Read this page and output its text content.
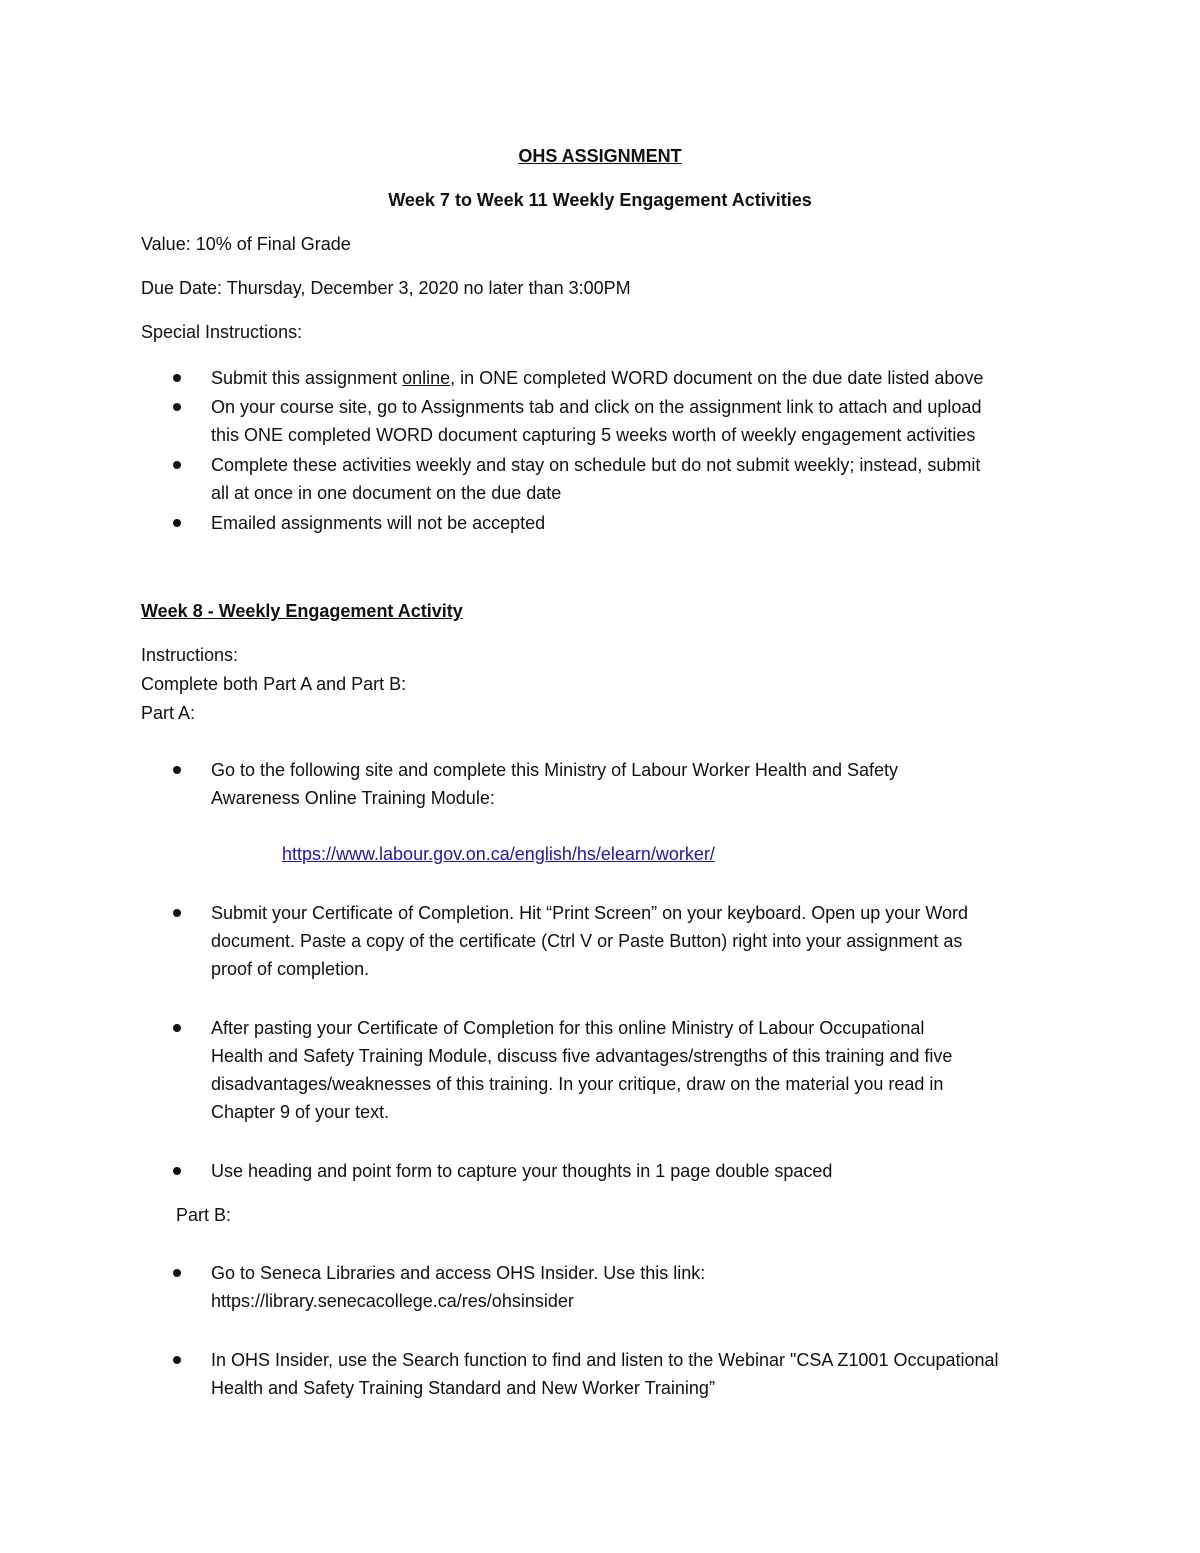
OHS ASSIGNMENT

Week 7 to Week 11 Weekly Engagement Activities

Value: 10% of Final Grade

Due Date: Thursday, December 3, 2020 no later than 3:00PM

Special Instructions:

Submit this assignment online, in ONE completed WORD document on the due date listed above

On your course site, go to Assignments tab and click on the assignment link to attach and upload

this ONE completed WORD document capturing 5 weeks worth of weekly engagement activities

Complete these activities weekly and stay on schedule but do not submit weekly; instead, submit

all at once in one document on the due date

Emailed assignments will not be accepted

Week 8 - Weekly Engagement Activity

Instructions:

Complete both Part A and Part B:

Part A:

Go to the following site and complete this Ministry of Labour Worker Health and Safety

Awareness Online Training Module:

https://www.labour.gov.on.ca/english/hs/elearn/worker/

Submit your Certificate of Completion. Hit “Print Screen” on your keyboard. Open up your Word

document. Paste a copy of the certificate (Ctrl V or Paste Button) right into your assignment as

proof of completion.

After pasting your Certificate of Completion for this online Ministry of Labour Occupational

Health and Safety Training Module, discuss five advantages/strengths of this training and five

disadvantages/weaknesses of this training. In your critique, draw on the material you read in

Chapter 9 of your text.

Use heading and point form to capture your thoughts in 1 page double spaced

Part B:

Go to Seneca Libraries and access OHS Insider. Use this link:

https://library.senecacollege.ca/res/ohsinsider

In OHS Insider, use the Search function to find and listen to the Webinar "CSA Z1001 Occupational

Health and Safety Training Standard and New Worker Training”
